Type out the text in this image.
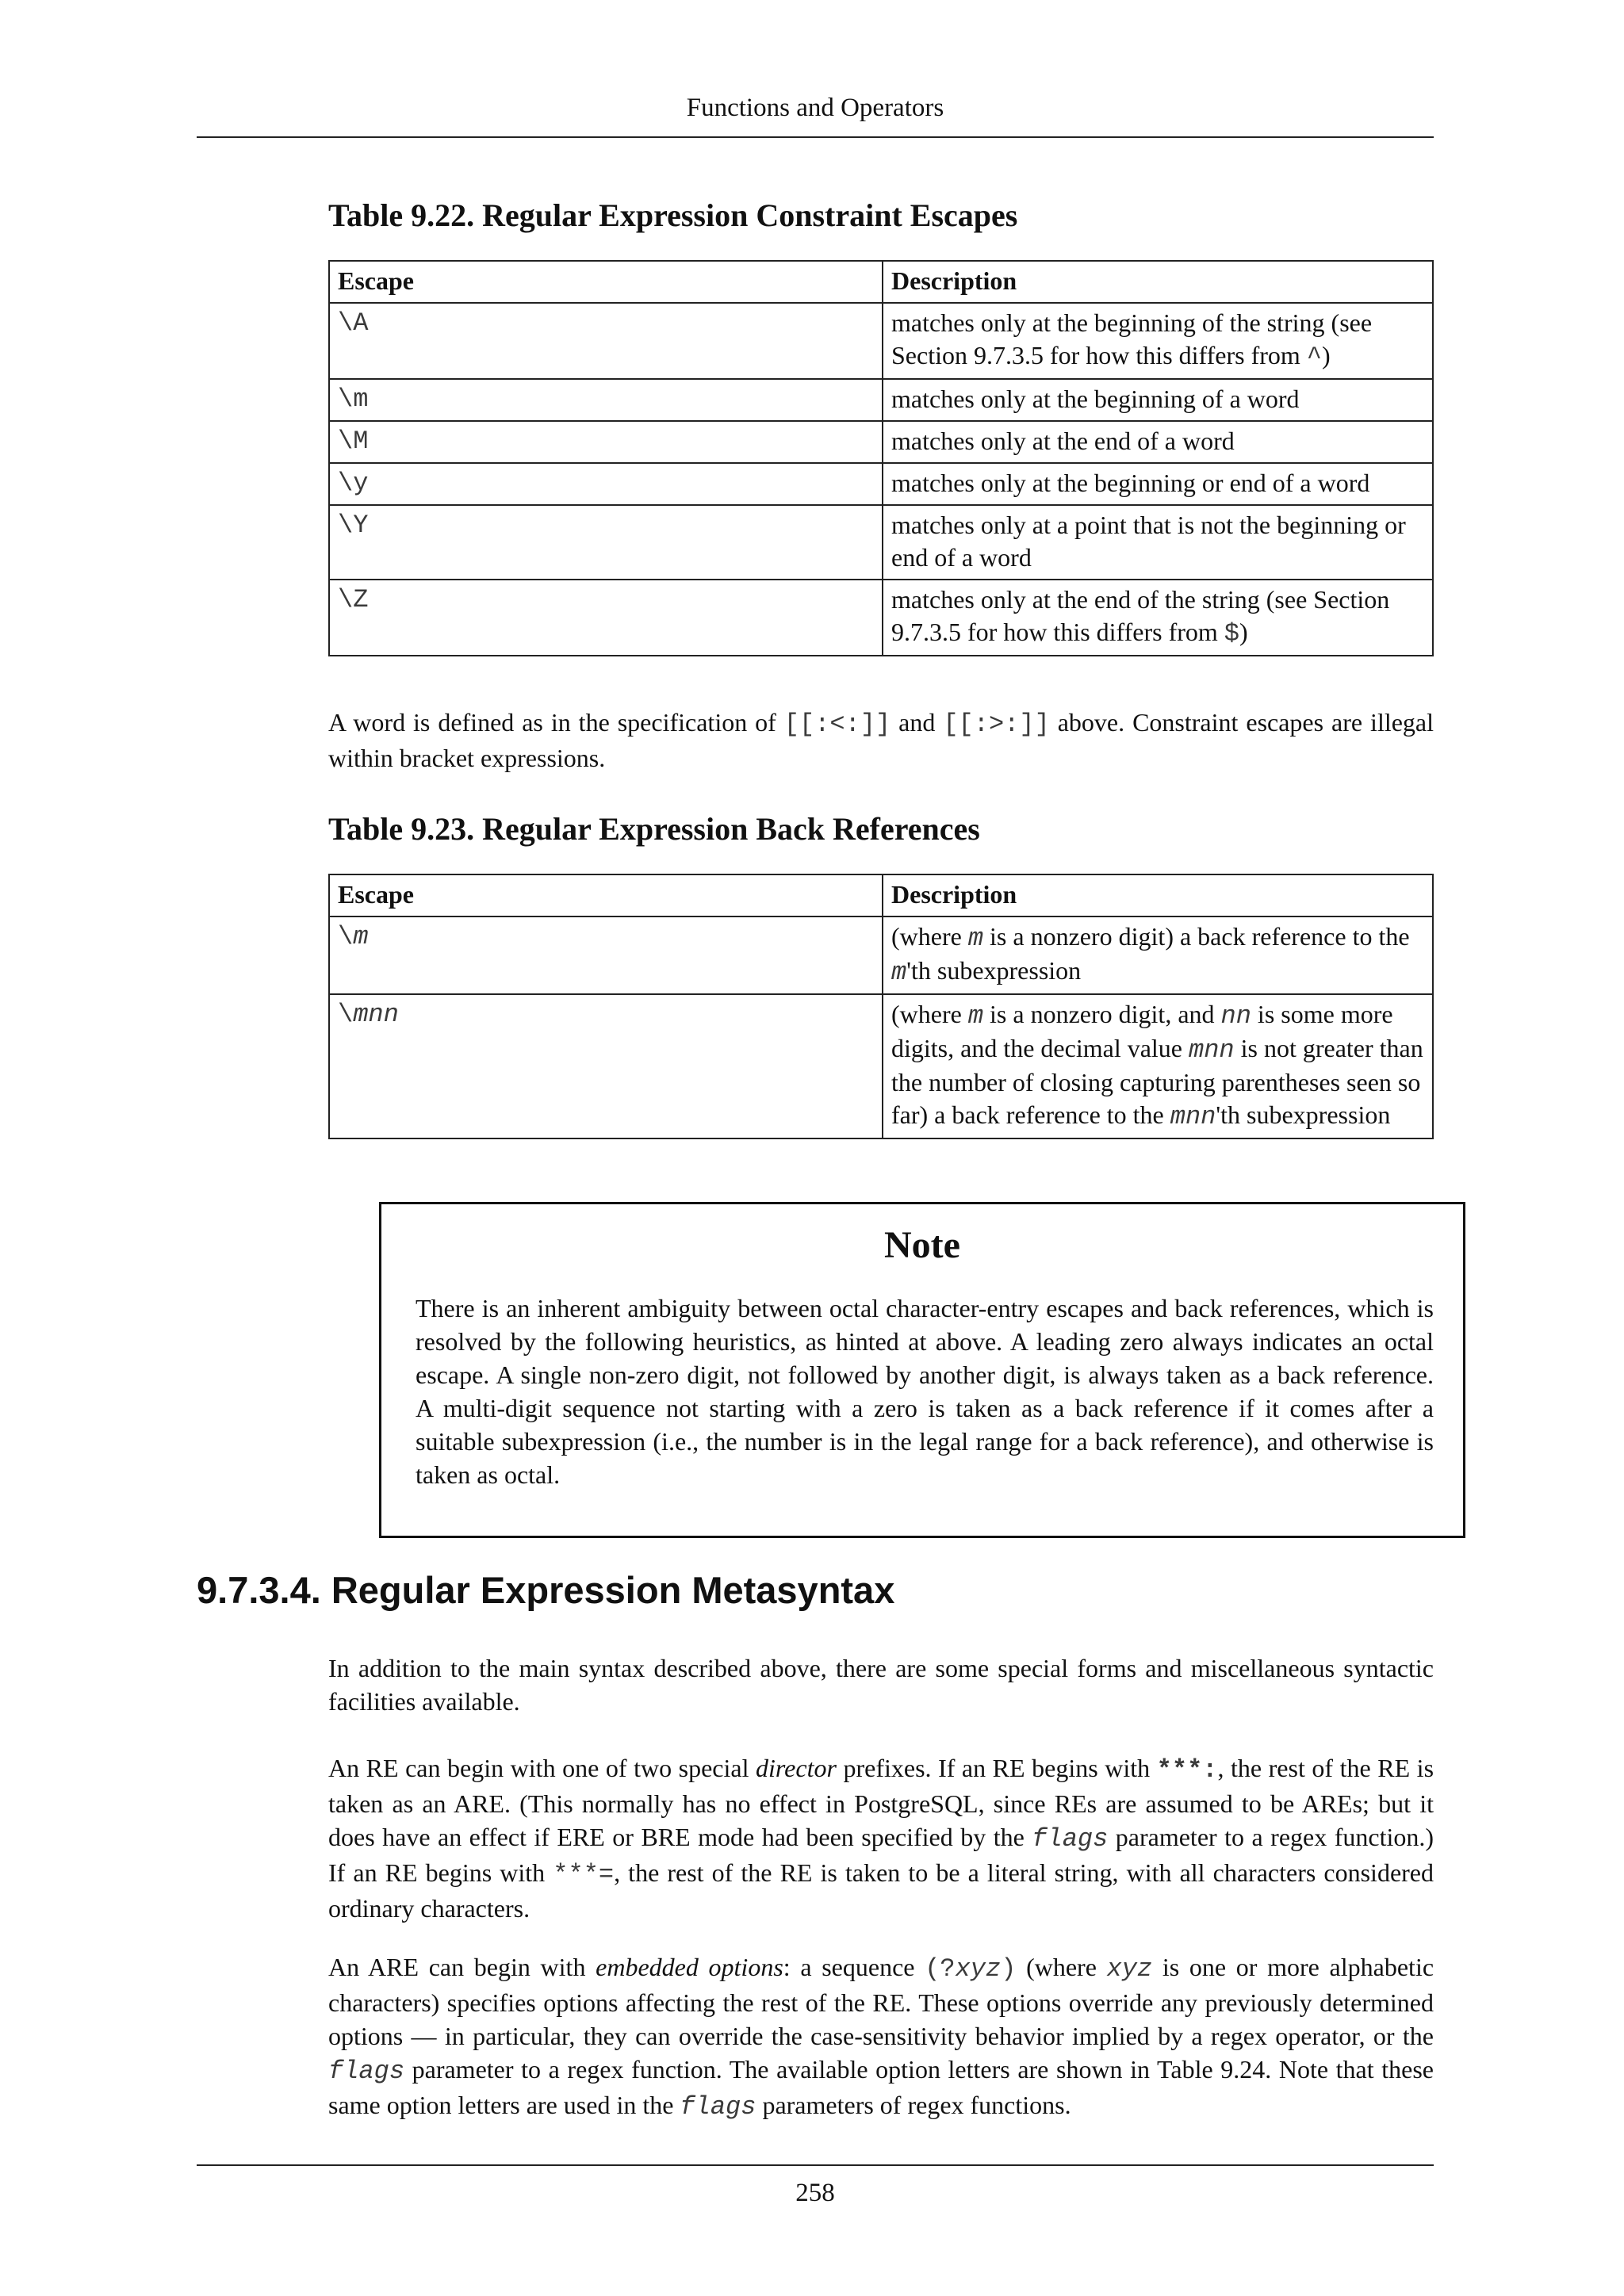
Functions and Operators
Table 9.22. Regular Expression Constraint Escapes
Escape	Description
\A	matches only at the beginning of the string (see Section 9.7.3.5 for how this differs from ^)
\m	matches only at the beginning of a word
\M	matches only at the end of a word
\y	matches only at the beginning or end of a word
\Y	matches only at a point that is not the beginning or end of a word
\Z	matches only at the end of the string (see Section 9.7.3.5 for how this differs from $)
A word is defined as in the specification of [[:<:]] and [[:>:]] above. Constraint escapes are illegal within bracket expressions.
Table 9.23. Regular Expression Back References
Escape	Description
\m	(where m is a nonzero digit) a back reference to the m'th subexpression
\mnn	(where m is a nonzero digit, and nn is some more digits, and the decimal value mnn is not greater than the number of closing capturing parentheses seen so far) a back reference to the mnn'th subexpression
Note
There is an inherent ambiguity between octal character-entry escapes and back references, which is resolved by the following heuristics, as hinted at above. A leading zero always indicates an octal escape. A single non-zero digit, not followed by another digit, is always taken as a back reference. A multi-digit sequence not starting with a zero is taken as a back reference if it comes after a suitable subexpression (i.e., the number is in the legal range for a back reference), and otherwise is taken as octal.
9.7.3.4. Regular Expression Metasyntax
In addition to the main syntax described above, there are some special forms and miscellaneous syntactic facilities available.
An RE can begin with one of two special director prefixes. If an RE begins with ***:, the rest of the RE is taken as an ARE. (This normally has no effect in PostgreSQL, since REs are assumed to be AREs; but it does have an effect if ERE or BRE mode had been specified by the flags parameter to a regex function.) If an RE begins with ***=, the rest of the RE is taken to be a literal string, with all characters considered ordinary characters.
An ARE can begin with embedded options: a sequence (?xyz) (where xyz is one or more alphabetic characters) specifies options affecting the rest of the RE. These options override any previously determined options — in particular, they can override the case-sensitivity behavior implied by a regex operator, or the flags parameter to a regex function. The available option letters are shown in Table 9.24. Note that these same option letters are used in the flags parameters of regex functions.
258
